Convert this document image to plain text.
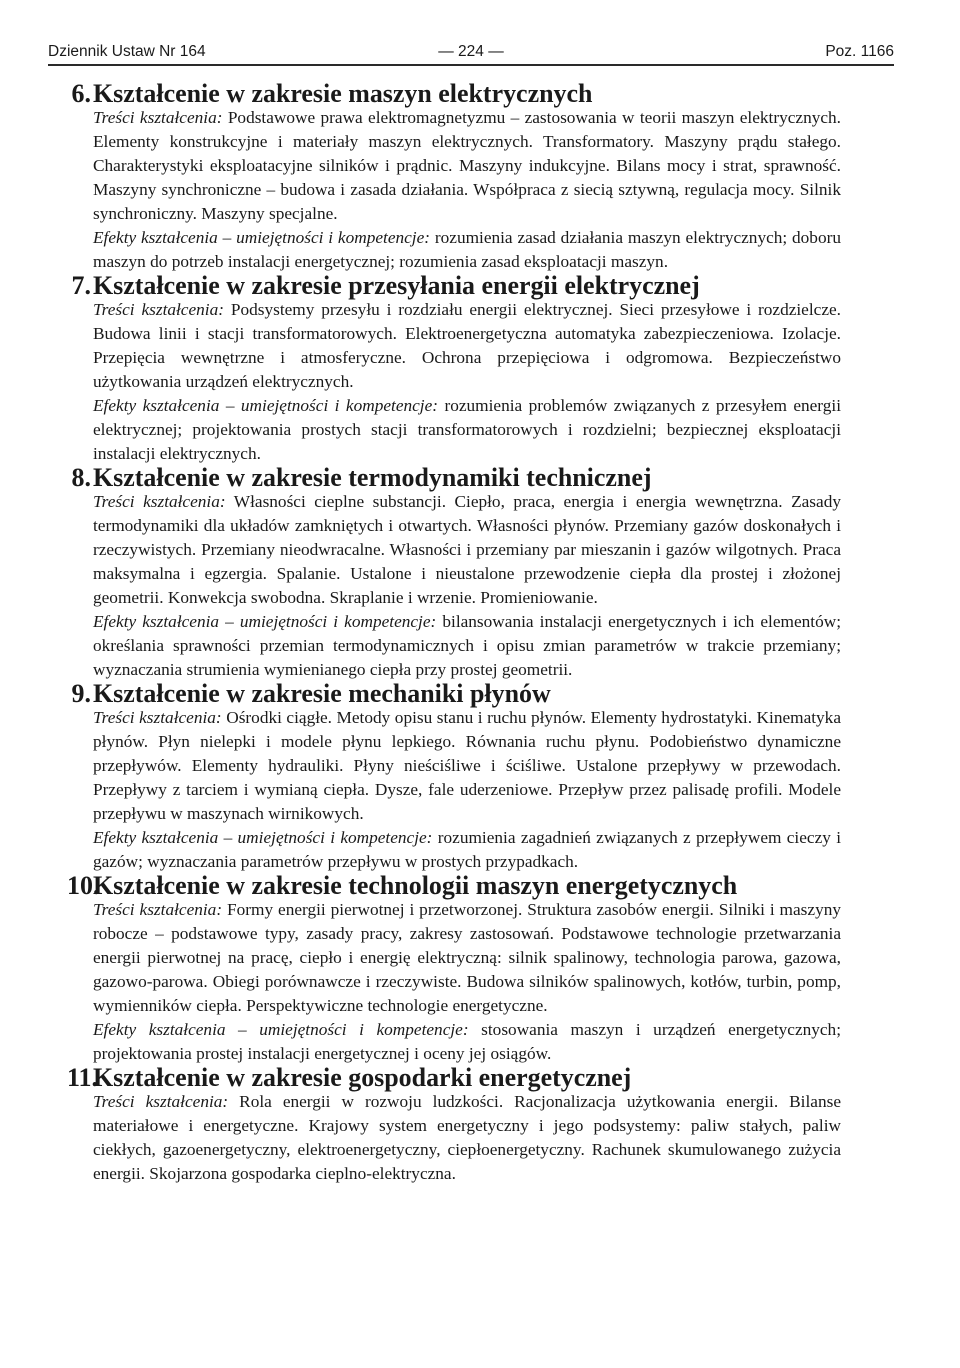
Dziennik Ustaw Nr 164	— 224 —	Poz. 1166
6. Kształcenie w zakresie maszyn elektrycznych

Treści kształcenia: Podstawowe prawa elektromagnetyzmu – zastosowania w teorii maszyn elektrycznych. Elementy konstrukcyjne i materiały maszyn elektrycznych. Transformatory. Maszyny prądu stałego. Charakterystyki eksploatacyjne silników i prądnic. Maszyny indukcyjne. Bilans mocy i strat, sprawność. Maszyny synchroniczne – budowa i zasada działania. Współpraca z siecią sztywną, regulacja mocy. Silnik synchroniczny. Maszyny specjalne.

Efekty kształcenia – umiejętności i kompetencje: rozumienia zasad działania maszyn elektrycznych; doboru maszyn do potrzeb instalacji energetycznej; rozumienia zasad eksploatacji maszyn.

7. Kształcenie w zakresie przesyłania energii elektrycznej

Treści kształcenia: Podsystemy przesyłu i rozdziału energii elektrycznej. Sieci przesyłowe i rozdzielcze. Budowa linii i stacji transformatorowych. Elektroenergetyczna automatyka zabezpieczeniowa. Izolacje. Przepięcia wewnętrzne i atmosferyczne. Ochrona przepięciowa i odgromowa. Bezpieczeństwo użytkowania urządzeń elektrycznych.

Efekty kształcenia – umiejętności i kompetencje: rozumienia problemów związanych z przesyłem energii elektrycznej; projektowania prostych stacji transformatorowych i rozdzielni; bezpiecznej eksploatacji instalacji elektrycznych.

8. Kształcenie w zakresie termodynamiki technicznej

Treści kształcenia: Własności cieplne substancji. Ciepło, praca, energia i energia wewnętrzna. Zasady termodynamiki dla układów zamkniętych i otwartych. Własności płynów. Przemiany gazów doskonałych i rzeczywistych. Przemiany nieodwracalne. Własności i przemiany par mieszanin i gazów wilgotnych. Praca maksymalna i egzergia. Spalanie. Ustalone i nieustalone przewodzenie ciepła dla prostej i złożonej geometrii. Konwekcja swobodna. Skraplanie i wrzenie. Promieniowanie.

Efekty kształcenia – umiejętności i kompetencje: bilansowania instalacji energetycznych i ich elementów; określania sprawności przemian termodynamicznych i opisu zmian parametrów w trakcie przemiany; wyznaczania strumienia wymienianego ciepła przy prostej geometrii.

9. Kształcenie w zakresie mechaniki płynów

Treści kształcenia: Ośrodki ciągłe. Metody opisu stanu i ruchu płynów. Elementy hydrostatyki. Kinematyka płynów. Płyn nielepki i modele płynu lepkiego. Równania ruchu płynu. Podobieństwo dynamiczne przepływów. Elementy hydrauliki. Płyny nieściśliwe i ściśliwe. Ustalone przepływy w przewodach. Przepływy z tarciem i wymianą ciepła. Dysze, fale uderzeniowe. Przepływ przez palisadę profili. Modele przepływu w maszynach wirnikowych.

Efekty kształcenia – umiejętności i kompetencje: rozumienia zagadnień związanych z przepływem cieczy i gazów; wyznaczania parametrów przepływu w prostych przypadkach.

10.
Kształcenie w zakresie technologii maszyn energetycznych

Treści kształcenia: Formy energii pierwotnej i przetworzonej. Struktura zasobów energii. Silniki i maszyny robocze – podstawowe typy, zasady pracy, zakresy zastosowań. Podstawowe technologie przetwarzania energii pierwotnej na pracę, ciepło i energię elektryczną: silnik spalinowy, technologia parowa, gazowa, gazowo-parowa. Obiegi porównawcze i rzeczywiste. Budowa silników spalinowych, kotłów, turbin, pomp, wymienników ciepła. Perspektywiczne technologie energetyczne.

Efekty kształcenia – umiejętności i kompetencje: stosowania maszyn i urządzeń energetycznych; projektowania prostej instalacji energetycznej i oceny jej osiągów.

11.
Kształcenie w zakresie gospodarki energetycznej

Treści kształcenia: Rola energii w rozwoju ludzkości. Racjonalizacja użytkowania energii. Bilanse materiałowe i energetyczne. Krajowy system energetyczny i jego podsystemy: paliw stałych, paliw ciekłych, gazoenergetyczny, elektroenergetyczny, ciepłoenergetyczny. Rachunek skumulowanego zużycia energii. Skojarzona gospodarka cieplno-elektryczna.
